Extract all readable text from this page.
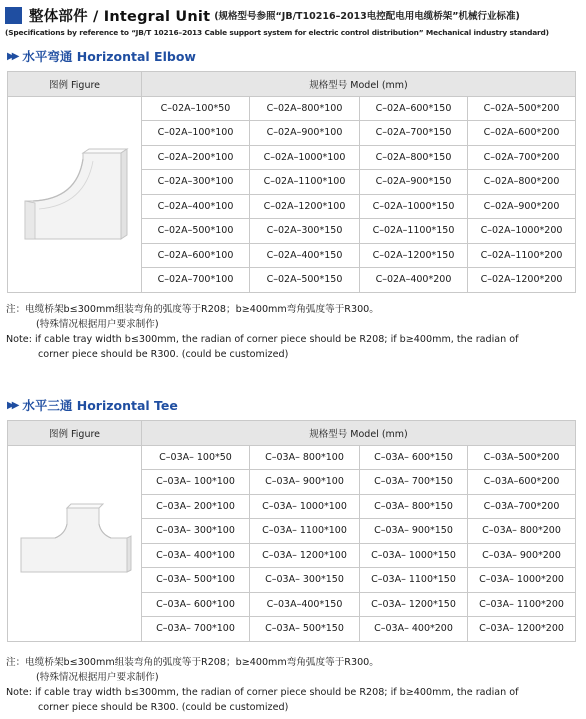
整体部件 / Integral Unit (规格型号参照“JB/T10216–2013电控配电用电缆桥架”机械行业标准)
(Specifications by reference to “JB/T 10216–2013 Cable support system for electric control distribution” Mechanical industry standard)
▶▶ 水平弯通 Horizontal Elbow
图例 Figure	规格型号 Model (mm)			
	C–02A–100*50	C–02A–800*100	C–02A–600*150	C–02A–500*200
	C–02A–100*100	C–02A–900*100	C–02A–700*150	C–02A–600*200
	C–02A–200*100	C–02A–1000*100	C–02A–800*150	C–02A–700*200
	C–02A–300*100	C–02A–1100*100	C–02A–900*150	C–02A–800*200
	C–02A–400*100	C–02A–1200*100	C–02A–1000*150	C–02A–900*200
	C–02A–500*100	C–02A–300*150	C–02A–1100*150	C–02A–1000*200
	C–02A–600*100	C–02A–400*150	C–02A–1200*150	C–02A–1100*200
	C–02A–700*100	C–02A–500*150	C–02A–400*200	C–02A–1200*200

注：电缆桥架b≤300mm组装弯角的弧度等于R208；b≥400mm弯角弧度等于R300。

(特殊情况根据用户要求制作)

Note: if cable tray width b≤300mm, the radian of corner piece should be R208; if b≥400mm, the radian of

corner piece should be R300. (could be customized)

▶▶ 水平三通 Horizontal Tee
图例 Figure	规格型号 Model (mm)			
	C–03A– 100*50	C–03A– 800*100	C–03A– 600*150	C–03A–500*200
	C–03A– 100*100	C–03A– 900*100	C–03A– 700*150	C–03A–600*200
	C–03A– 200*100	C–03A– 1000*100	C–03A– 800*150	C–03A–700*200
	C–03A– 300*100	C–03A– 1100*100	C–03A– 900*150	C–03A– 800*200
	C–03A– 400*100	C–03A– 1200*100	C–03A– 1000*150	C–03A– 900*200
	C–03A– 500*100	C–03A– 300*150	C–03A– 1100*150	C–03A– 1000*200
	C–03A– 600*100	C–03A–400*150	C–03A– 1200*150	C–03A– 1100*200
	C–03A– 700*100	C–03A– 500*150	C–03A– 400*200	C–03A– 1200*200

注：电缆桥架b≤300mm组装弯角的弧度等于R208；b≥400mm弯角弧度等于R300。

(特殊情况根据用户要求制作)

Note: if cable tray width b≤300mm, the radian of corner piece should be R208; if b≥400mm, the radian of

corner piece should be R300. (could be customized)
